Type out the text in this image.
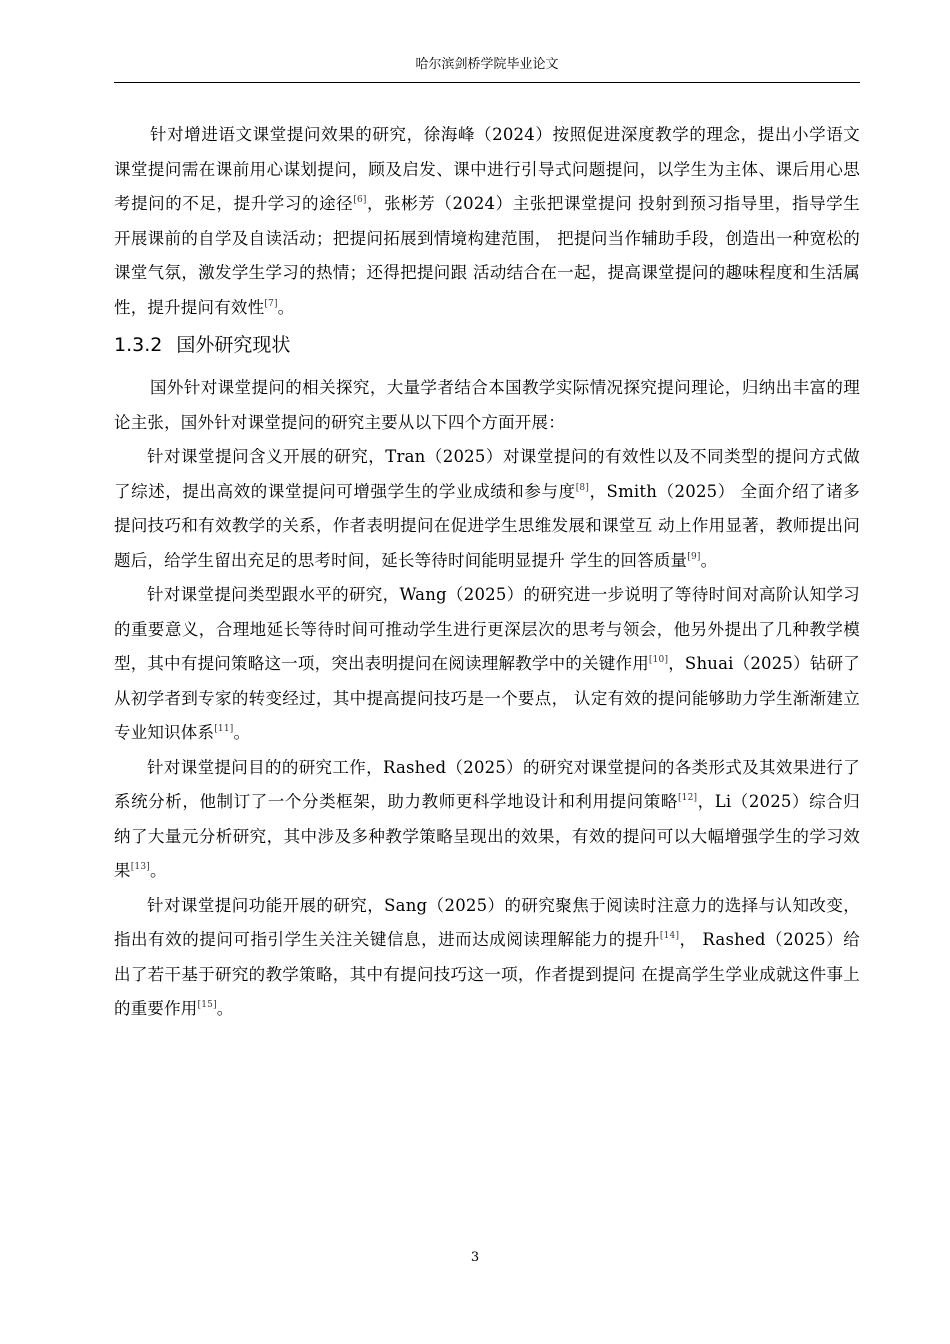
哈尔滨剑桥学院毕业论文

针对增进语文课堂提问效果的研究，徐海峰（2024）按照促进深度教学的理念，提出小学语文课堂提问需在课前用心谋划提问，顾及启发、课中进行引导式问题提问，以学生为主体、课后用心思考提问的不足，提升学习的途径[6]，张彬芳（2024）主张把课堂提问 投射到预习指导里，指导学生开展课前的自学及自读活动；把提问拓展到情境构建范围， 把提问当作辅助手段，创造出一种宽松的课堂气氛，激发学生学习的热情；还得把提问跟 活动结合在一起，提高课堂提问的趣味程度和生活属性，提升提问有效性[7]。

1.3.2 国外研究现状

国外针对课堂提问的相关探究，大量学者结合本国教学实际情况探究提问理论，归纳出丰富的理论主张，国外针对课堂提问的研究主要从以下四个方面开展：

针对课堂提问含义开展的研究，Tran（2025）对课堂提问的有效性以及不同类型的提问方式做了综述，提出高效的课堂提问可增强学生的学业成绩和参与度[8]，Smith（2025） 全面介绍了诸多提问技巧和有效教学的关系，作者表明提问在促进学生思维发展和课堂互 动上作用显著，教师提出问题后，给学生留出充足的思考时间，延长等待时间能明显提升 学生的回答质量[9]。

针对课堂提问类型跟水平的研究，Wang（2025）的研究进一步说明了等待时间对高阶认知学习的重要意义，合理地延长等待时间可推动学生进行更深层次的思考与领会，他另外提出了几种教学模型，其中有提问策略这一项，突出表明提问在阅读理解教学中的关键作用[10]，Shuai（2025）钻研了从初学者到专家的转变经过，其中提高提问技巧是一个要点， 认定有效的提问能够助力学生渐渐建立专业知识体系[11]。

针对课堂提问目的的研究工作，Rashed（2025）的研究对课堂提问的各类形式及其效果进行了系统分析，他制订了一个分类框架，助力教师更科学地设计和利用提问策略[12]，Li（2025）综合归纳了大量元分析研究，其中涉及多种教学策略呈现出的效果，有效的提问可以大幅增强学生的学习效果[13]。

针对课堂提问功能开展的研究，Sang（2025）的研究聚焦于阅读时注意力的选择与认知改变，指出有效的提问可指引学生关注关键信息，进而达成阅读理解能力的提升[14]， Rashed（2025）给出了若干基于研究的教学策略，其中有提问技巧这一项，作者提到提问 在提高学生学业成就这件事上的重要作用[15]。

3
